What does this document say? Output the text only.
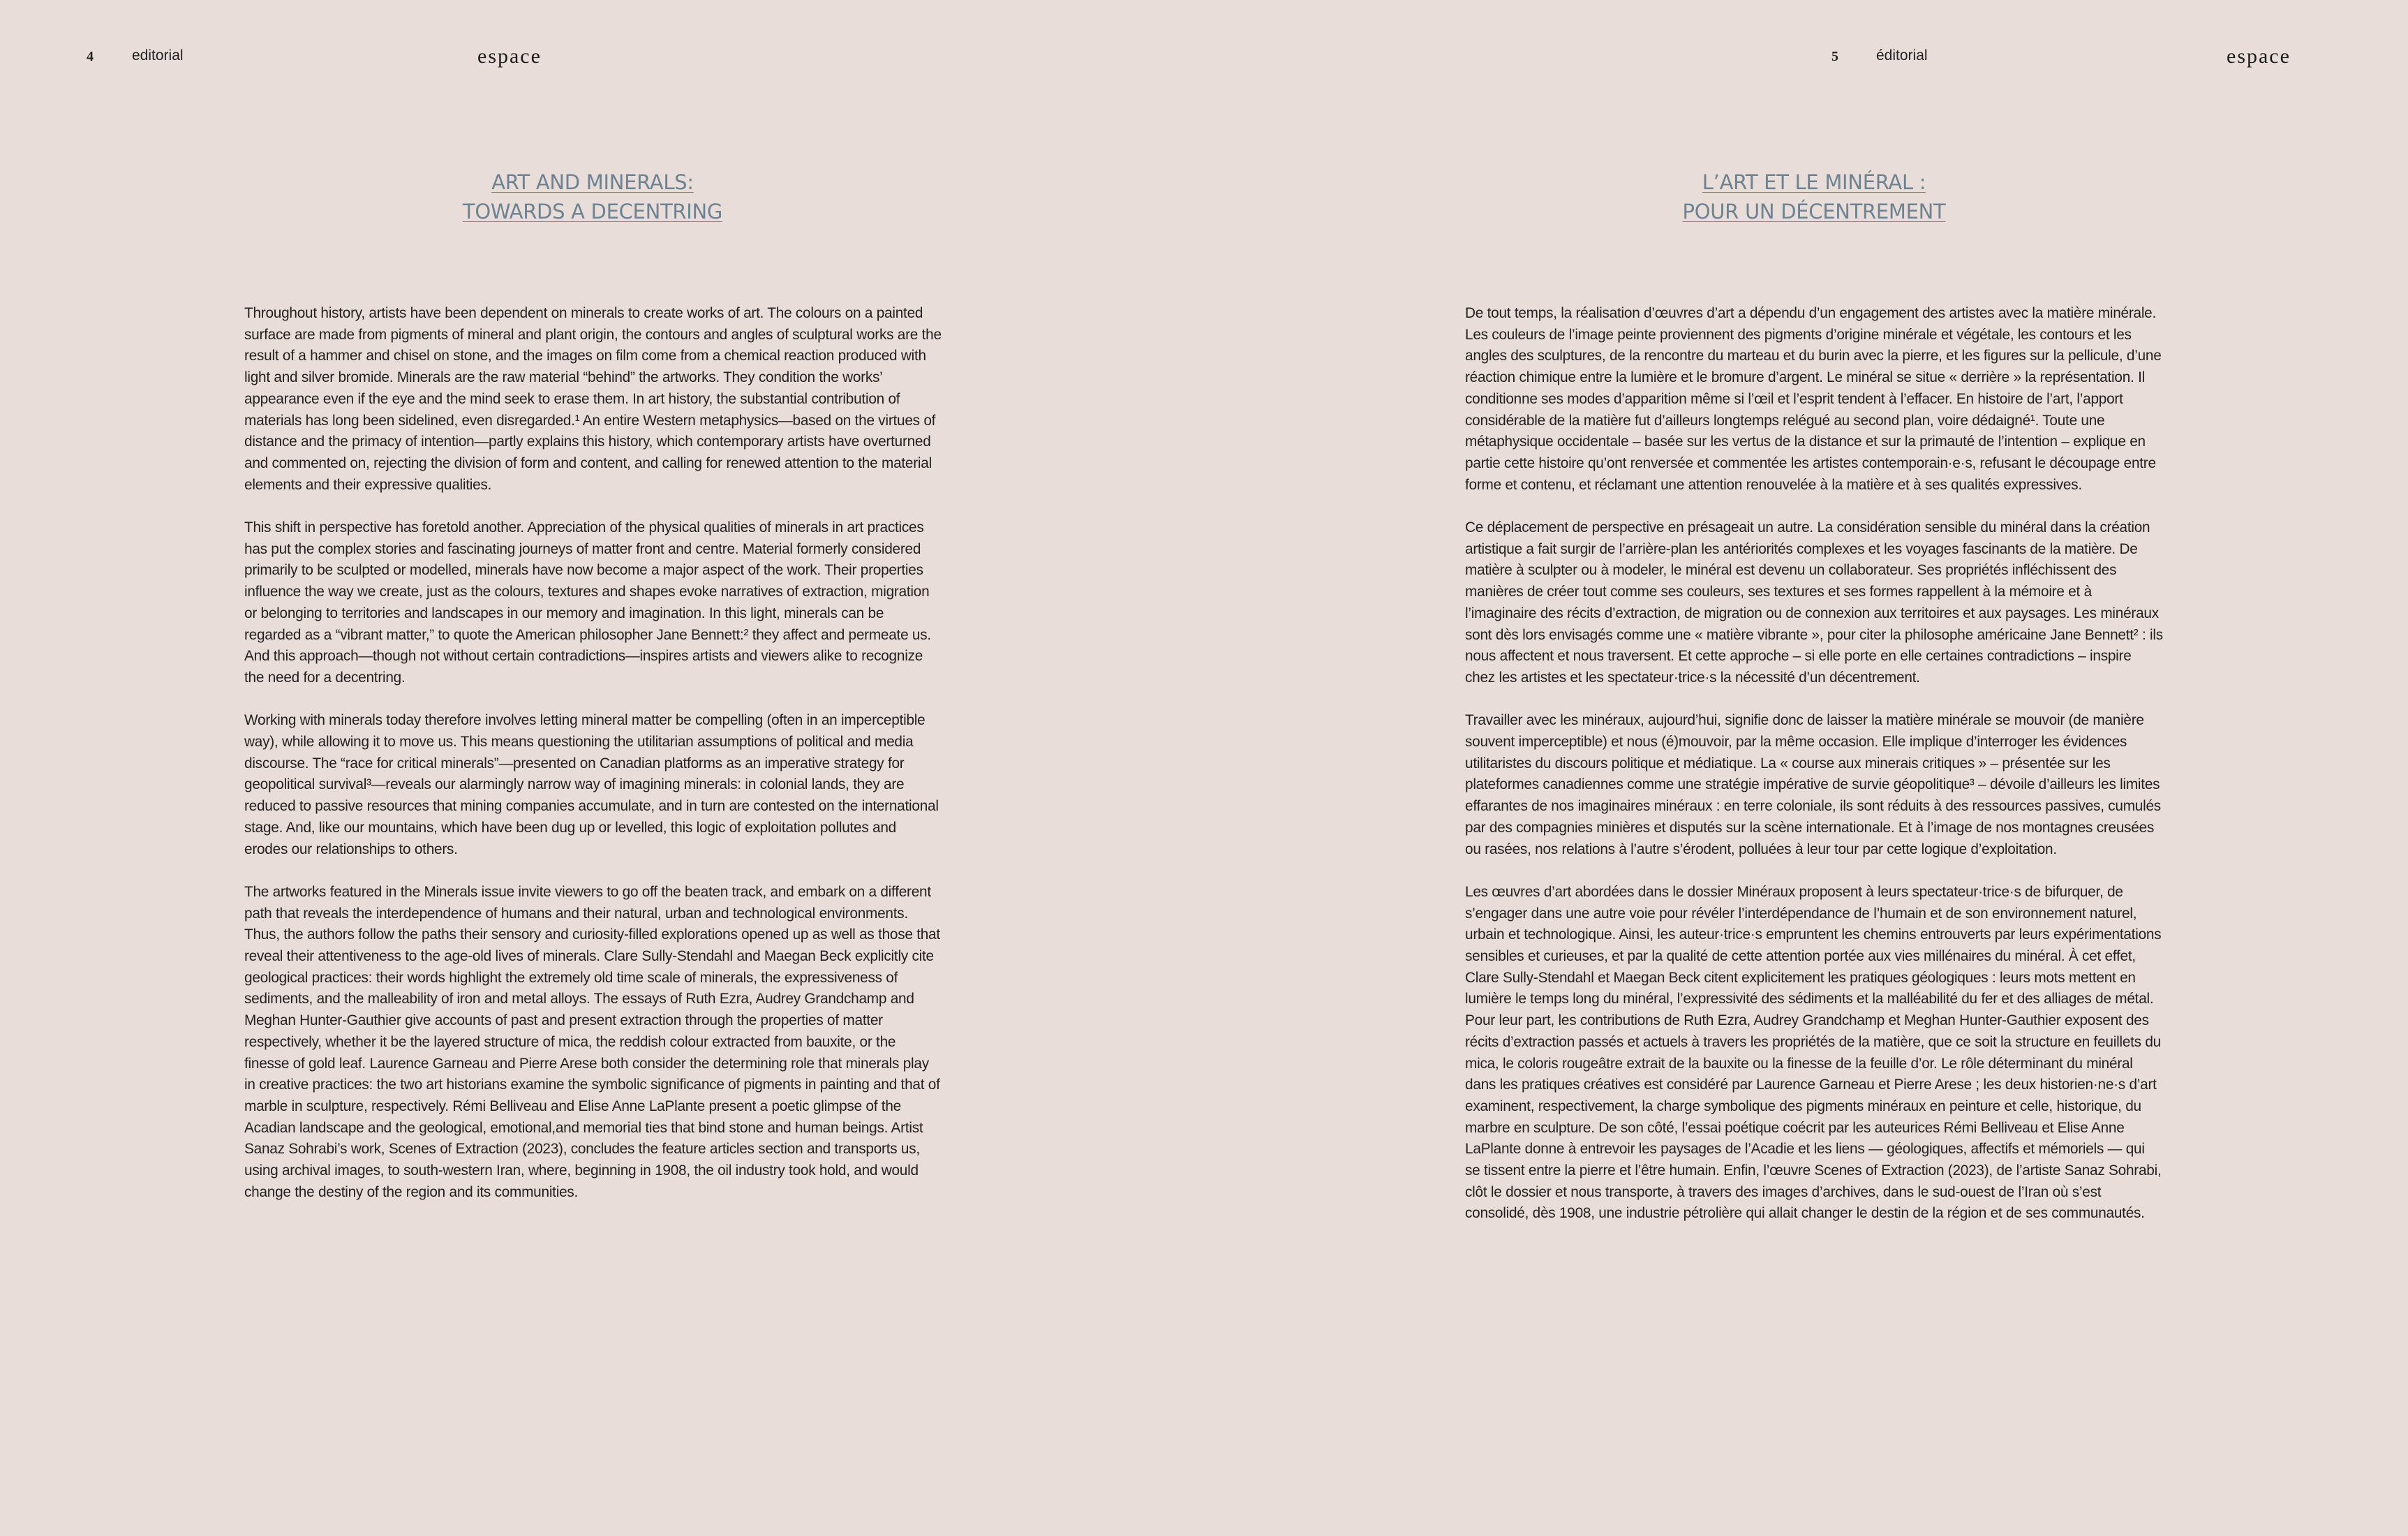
4	editorial	espace
ART AND MINERALS:
TOWARDS A DECENTRING

Throughout history, artists have been dependent on minerals to create works of art. The colours on a painted surface are made from pigments of mineral and plant origin, the contours and angles of sculptural works are the result of a hammer and chisel on stone, and the images on film come from a chemical reaction produced with light and silver bromide. Minerals are the raw material “behind” the artworks. They condition the works’ appearance even if the eye and the mind seek to erase them. In art history, the substantial contribution of materials has long been sidelined, even disregarded.¹ An entire Western metaphysics—based on the virtues of distance and the primacy of intention—partly explains this history, which contemporary artists have overturned and commented on, rejecting the division of form and content, and calling for renewed attention to the material elements and their expressive qualities.

This shift in perspective has foretold another. Appreciation of the physical qualities of minerals in art practices has put the complex stories and fascinating journeys of matter front and centre. Material formerly considered primarily to be sculpted or modelled, minerals have now become a major aspect of the work. Their properties influence the way we create, just as the colours, textures and shapes evoke narratives of extraction, migration or belonging to territories and landscapes in our memory and imagination. In this light, minerals can be regarded as a “vibrant matter,” to quote the American philosopher Jane Bennett:² they affect and permeate us. And this approach—though not without certain contradictions—inspires artists and viewers alike to recognize the need for a decentring.

Working with minerals today therefore involves letting mineral matter be compelling (often in an imperceptible way), while allowing it to move us. This means questioning the utilitarian assumptions of political and media discourse. The “race for critical minerals”—presented on Canadian platforms as an imperative strategy for geopolitical survival³—reveals our alarmingly narrow way of imagining minerals: in colonial lands, they are reduced to passive resources that mining companies accumulate, and in turn are contested on the international stage. And, like our mountains, which have been dug up or levelled, this logic of exploitation pollutes and erodes our relationships to others.

The artworks featured in the Minerals issue invite viewers to go off the beaten track, and embark on a different path that reveals the interdependence of humans and their natural, urban and technological environments. Thus, the authors follow the paths their sensory and curiosity-filled explorations opened up as well as those that reveal their attentiveness to the age-old lives of minerals. Clare Sully-Stendahl and Maegan Beck explicitly cite geological practices: their words highlight the extremely old time scale of minerals, the expressiveness of sediments, and the malleability of iron and metal alloys. The essays of Ruth Ezra, Audrey Grandchamp and Meghan Hunter-Gauthier give accounts of past and present extraction through the properties of matter respectively, whether it be the layered structure of mica, the reddish colour extracted from bauxite, or the finesse of gold leaf. Laurence Garneau and Pierre Arese both consider the determining role that minerals play in creative practices: the two art historians examine the symbolic significance of pigments in painting and that of marble in sculpture, respectively. Rémi Belliveau and Elise Anne LaPlante present a poetic glimpse of the Acadian landscape and the geological, emotional,and memorial ties that bind stone and human beings. Artist Sanaz Sohrabi’s work, Scenes of Extraction (2023), concludes the feature articles section and transports us, using archival images, to south-western Iran, where, beginning in 1908, the oil industry took hold, and would change the destiny of the region and its communities.

5	éditorial	espace
L’ART ET LE MINÉRAL :
POUR UN DÉCENTREMENT

De tout temps, la réalisation d’œuvres d’art a dépendu d’un engagement des artistes avec la matière minérale. Les couleurs de l’image peinte proviennent des pigments d’origine minérale et végétale, les contours et les angles des sculptures, de la rencontre du marteau et du burin avec la pierre, et les figures sur la pellicule, d’une réaction chimique entre la lumière et le bromure d’argent. Le minéral se situe « derrière » la représentation. Il conditionne ses modes d’apparition même si l’œil et l’esprit tendent à l’effacer. En histoire de l’art, l’apport considérable de la matière fut d’ailleurs longtemps relégué au second plan, voire dédaigné¹. Toute une métaphysique occidentale – basée sur les vertus de la distance et sur la primauté de l’intention – explique en partie cette histoire qu’ont renversée et commentée les artistes contemporain·e·s, refusant le découpage entre forme et contenu, et réclamant une attention renouvelée à la matière et à ses qualités expressives.

Ce déplacement de perspective en présageait un autre. La considération sensible du minéral dans la création artistique a fait surgir de l’arrière-plan les antériorités complexes et les voyages fascinants de la matière. De matière à sculpter ou à modeler, le minéral est devenu un collaborateur. Ses propriétés infléchissent des manières de créer tout comme ses couleurs, ses textures et ses formes rappellent à la mémoire et à l’imaginaire des récits d’extraction, de migration ou de connexion aux territoires et aux paysages. Les minéraux sont dès lors envisagés comme une « matière vibrante », pour citer la philosophe américaine Jane Bennett² : ils nous affectent et nous traversent. Et cette approche – si elle porte en elle certaines contradictions – inspire chez les artistes et les spectateur·trice·s la nécessité d’un décentrement.

Travailler avec les minéraux, aujourd’hui, signifie donc de laisser la matière minérale se mouvoir (de manière souvent imperceptible) et nous (é)mouvoir, par la même occasion. Elle implique d’interroger les évidences utilitaristes du discours politique et médiatique. La « course aux minerais critiques » – présentée sur les plateformes canadiennes comme une stratégie impérative de survie géopolitique³ – dévoile d’ailleurs les limites effarantes de nos imaginaires minéraux : en terre coloniale, ils sont réduits à des ressources passives, cumulés par des compagnies minières et disputés sur la scène internationale. Et à l’image de nos montagnes creusées ou rasées, nos relations à l’autre s’érodent, polluées à leur tour par cette logique d’exploitation.

Les œuvres d’art abordées dans le dossier Minéraux proposent à leurs spectateur·trice·s de bifurquer, de s’engager dans une autre voie pour révéler l’interdépendance de l’humain et de son environnement naturel, urbain et technologique. Ainsi, les auteur·trice·s empruntent les chemins entrouverts par leurs expérimentations sensibles et curieuses, et par la qualité de cette attention portée aux vies millénaires du minéral. À cet effet, Clare Sully-Stendahl et Maegan Beck citent explicitement les pratiques géologiques : leurs mots mettent en lumière le temps long du minéral, l’expressivité des sédiments et la malléabilité du fer et des alliages de métal. Pour leur part, les contributions de Ruth Ezra, Audrey Grandchamp et Meghan Hunter-Gauthier exposent des récits d’extraction passés et actuels à travers les propriétés de la matière, que ce soit la structure en feuillets du mica, le coloris rougeâtre extrait de la bauxite ou la finesse de la feuille d’or. Le rôle déterminant du minéral dans les pratiques créatives est considéré par Laurence Garneau et Pierre Arese ; les deux historien·ne·s d’art examinent, respectivement, la charge symbolique des pigments minéraux en peinture et celle, historique, du marbre en sculpture. De son côté, l’essai poétique coécrit par les auteurices Rémi Belliveau et Elise Anne LaPlante donne à entrevoir les paysages de l’Acadie et les liens — géologiques, affectifs et mémoriels — qui se tissent entre la pierre et l’être humain. Enfin, l’œuvre Scenes of Extraction (2023), de l’artiste Sanaz Sohrabi, clôt le dossier et nous transporte, à travers des images d’archives, dans le sud-ouest de l’Iran où s’est consolidé, dès 1908, une industrie pétrolière qui allait changer le destin de la région et de ses communautés.
